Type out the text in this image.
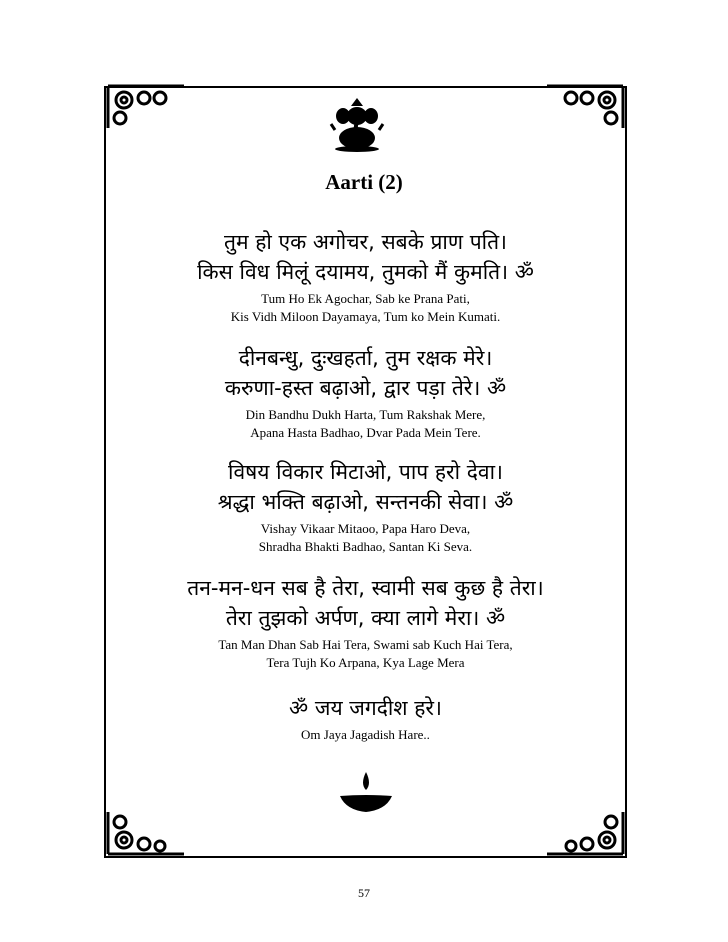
Aarti (2)
तुम हो एक अगोचर, सबके प्राण पति।
किस विध मिलूं दयामय, तुमको मैं कुमति। ॐ
Tum Ho Ek Agochar, Sab ke Prana Pati,
Kis Vidh Miloon Dayamaya, Tum ko Mein Kumati.
दीनबन्धु, दुःखहर्ता, तुम रक्षक मेरे।
करुणा-हस्त बढ़ाओ, द्वार पड़ा तेरे। ॐ
Din Bandhu Dukh Harta, Tum Rakshak Mere,
Apana Hasta Badhao, Dvar Pada Mein Tere.
विषय विकार मिटाओ, पाप हरो देवा।
श्रद्धा भक्ति बढ़ाओ, सन्तनकी सेवा। ॐ
Vishay Vikaar Mitaoo, Papa Haro Deva,
Shradha Bhakti Badhao, Santan Ki Seva.
तन-मन-धन सब है तेरा, स्वामी सब कुछ है तेरा।
तेरा तुझको अर्पण, क्या लागे मेरा। ॐ
Tan Man Dhan Sab Hai Tera, Swami sab Kuch Hai Tera,
Tera Tujh Ko Arpana, Kya Lage Mera
ॐ जय जगदीश हरे।
Om Jaya Jagadish Hare..
57
